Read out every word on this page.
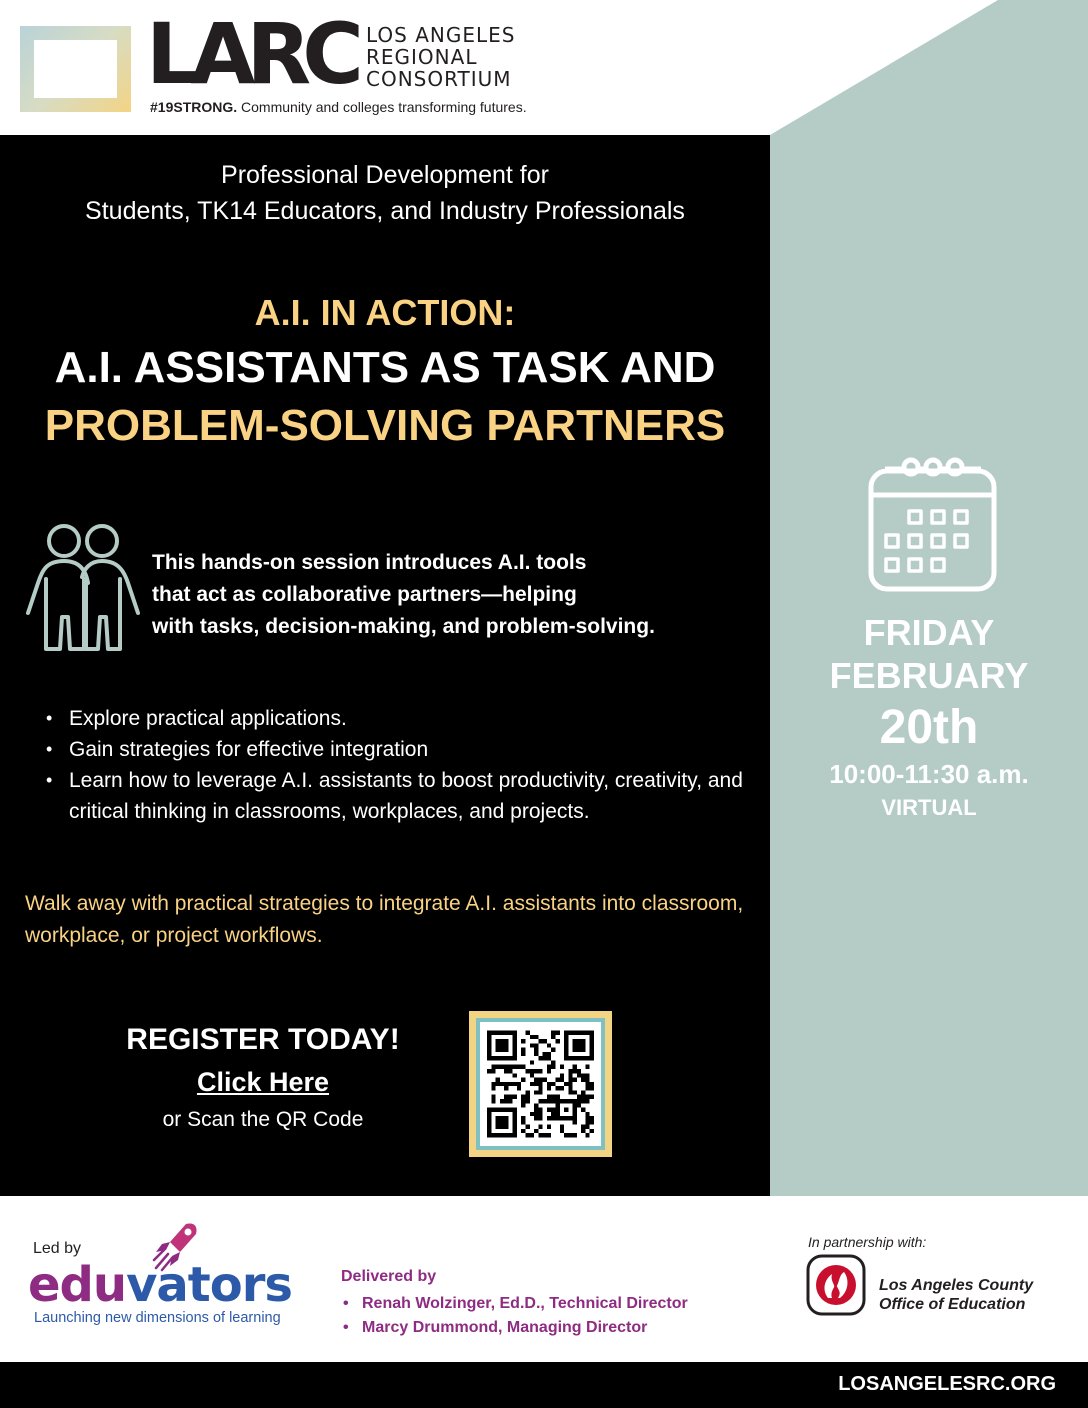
LARC LOS ANGELES
REGIONAL
CONSORTIUM
#19STRONG. Community and colleges transforming futures.
Professional Development for
Students, TK14 Educators, and Industry Professionals
A.I. IN ACTION:
A.I. ASSISTANTS AS TASK AND
PROBLEM-SOLVING PARTNERS
This hands-on session introduces A.I. tools
that act as collaborative partners—helping
with tasks, decision-making, and problem-solving.
• Explore practical applications.
• Gain strategies for effective integration
• Learn how to leverage A.I. assistants to boost productivity, creativity, and critical thinking in classrooms, workplaces, and projects.
Walk away with practical strategies to integrate A.I. assistants into classroom, workplace, or project workflows.
REGISTER TODAY!
Click Here
or Scan the QR Code
FRIDAY
FEBRUARY
20th
10:00-11:30 a.m.
VIRTUAL
Led by
eduvators
Launching new dimensions of learning
Delivered by
• Renah Wolzinger, Ed.D., Technical Director
• Marcy Drummond, Managing Director
In partnership with:
Los Angeles County
Office of Education
LOSANGELESRC.ORG
